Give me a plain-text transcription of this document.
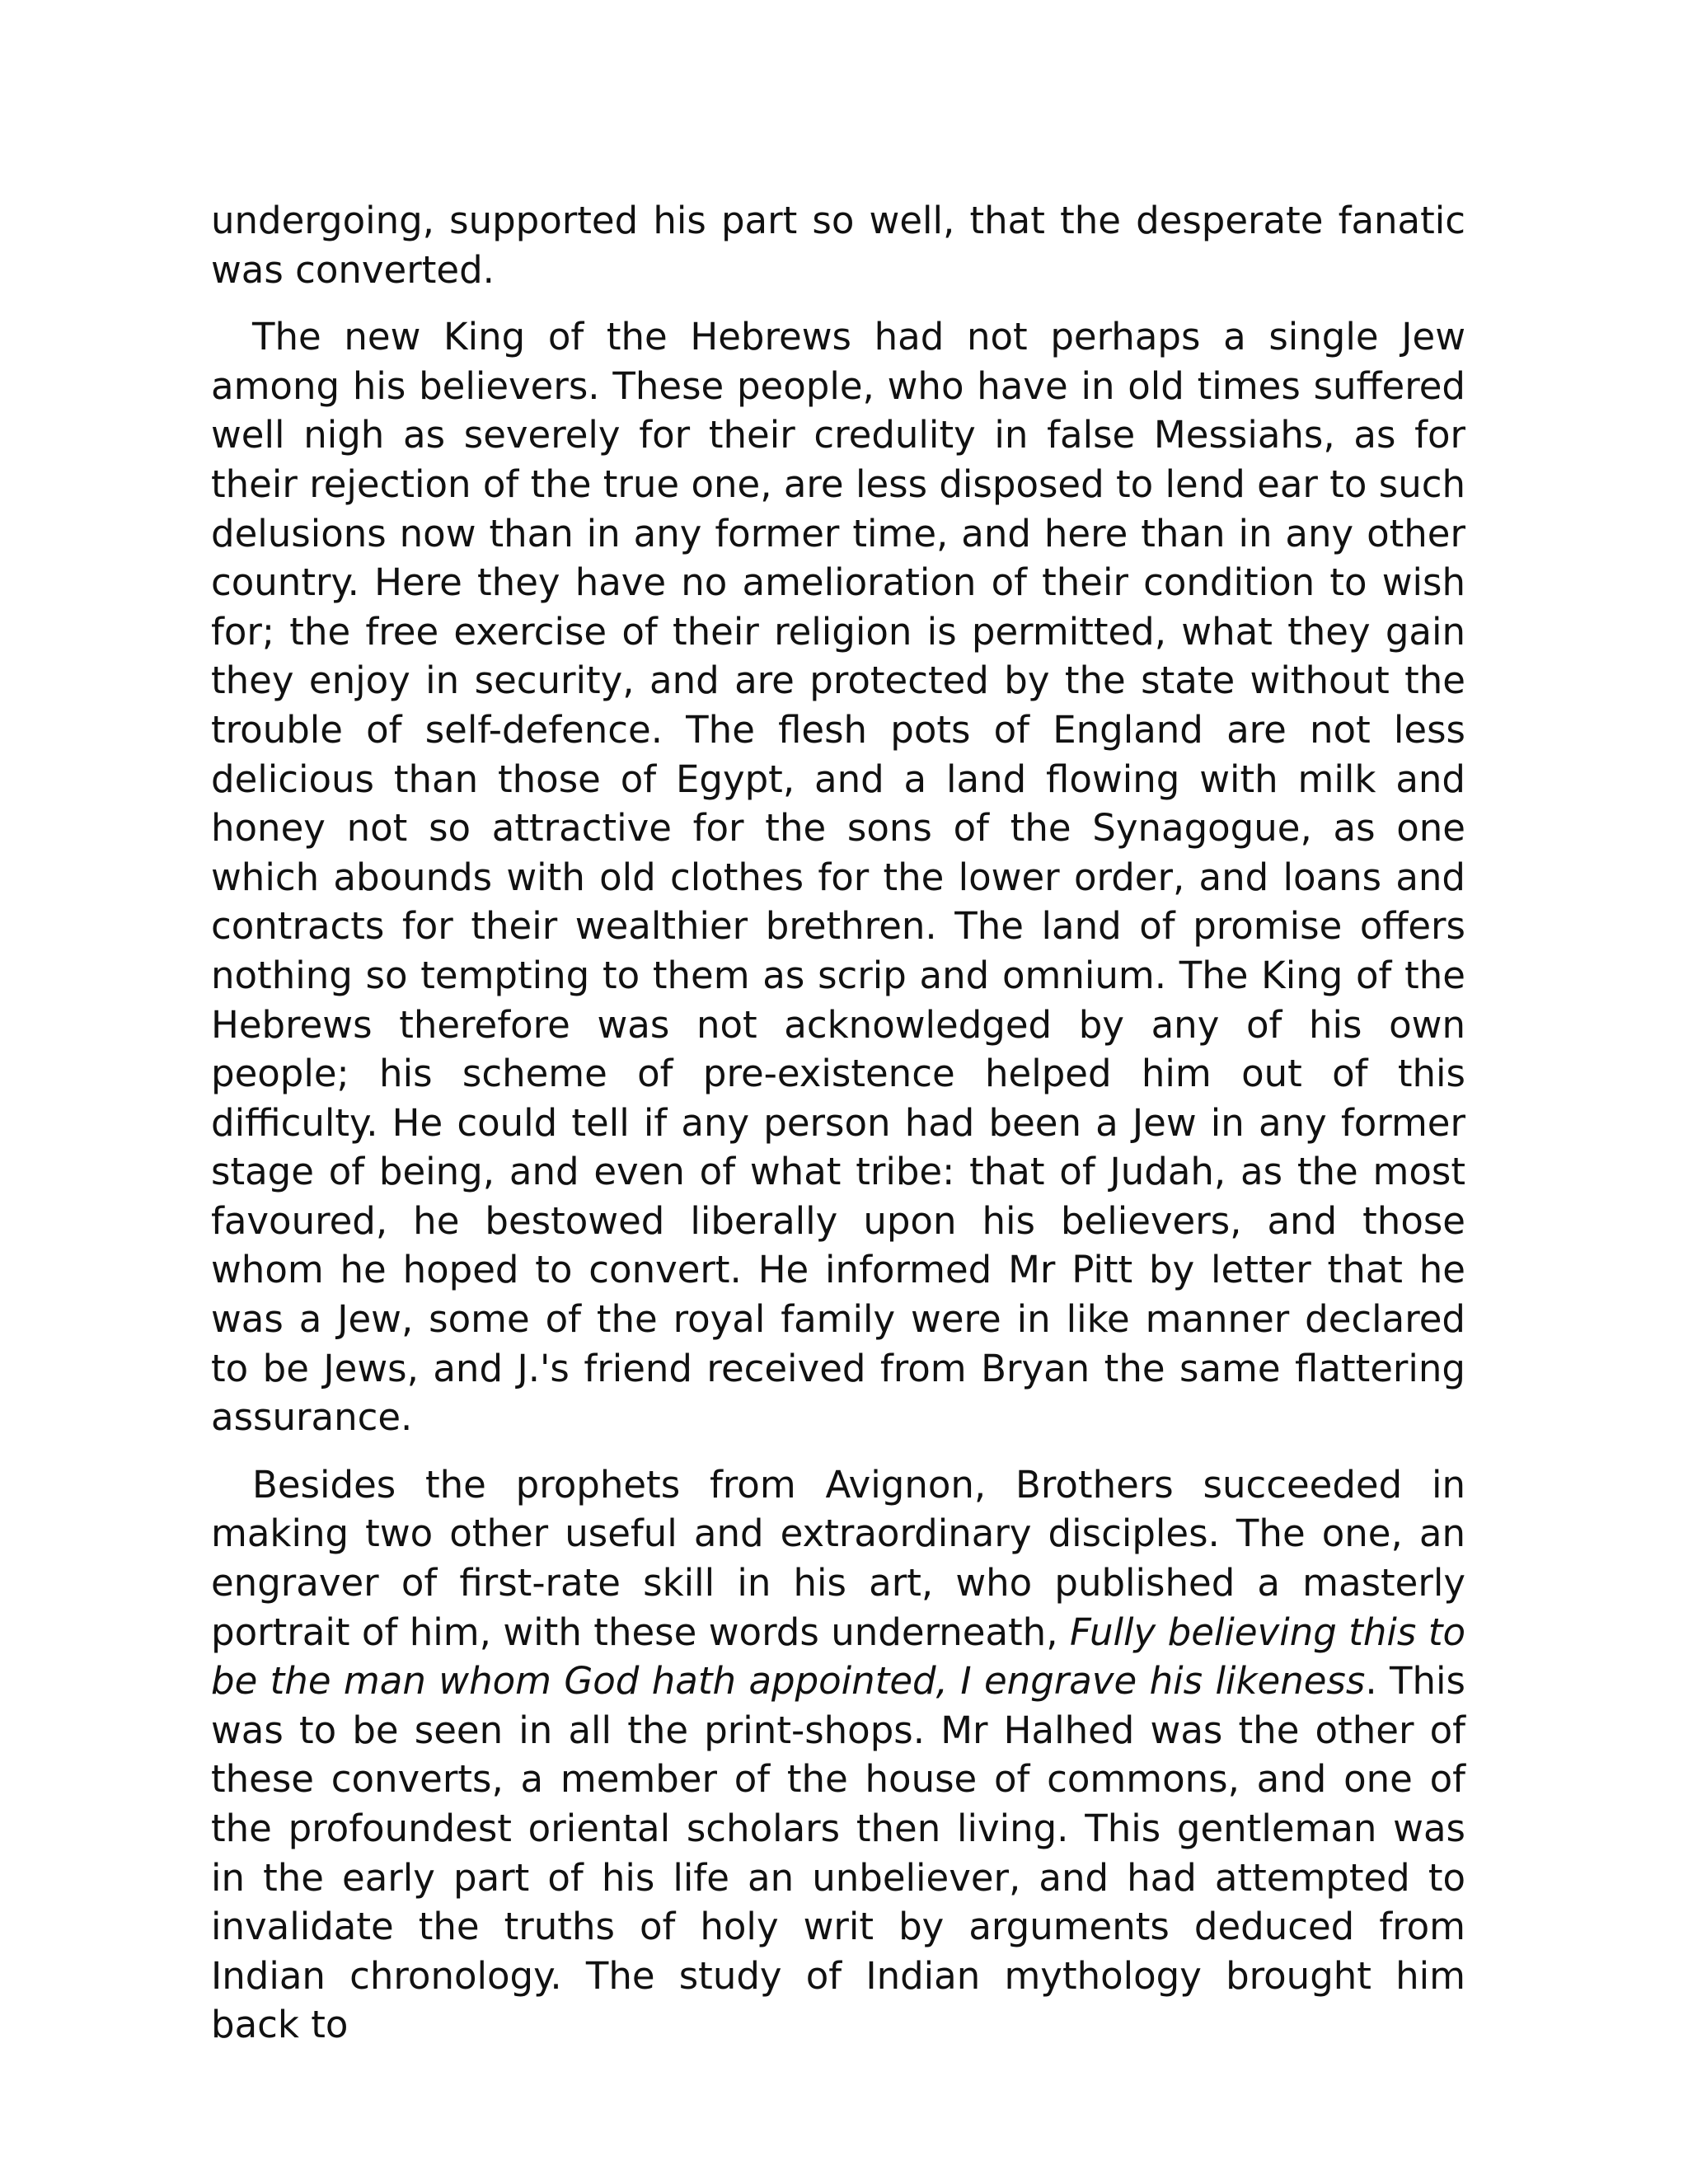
undergoing, supported his part so well, that the desperate fanatic was converted.

The new King of the Hebrews had not perhaps a single Jew among his believers. These people, who have in old times suffered well nigh as severely for their credulity in false Messiahs, as for their rejection of the true one, are less disposed to lend ear to such delusions now than in any former time, and here than in any other country. Here they have no amelioration of their condition to wish for; the free exercise of their religion is permitted, what they gain they enjoy in security, and are protected by the state without the trouble of self-defence. The flesh pots of England are not less delicious than those of Egypt, and a land flowing with milk and honey not so attractive for the sons of the Synagogue, as one which abounds with old clothes for the lower order, and loans and contracts for their wealthier brethren. The land of promise offers nothing so tempting to them as scrip and omnium. The King of the Hebrews therefore was not acknowledged by any of his own people; his scheme of pre-existence helped him out of this difficulty. He could tell if any person had been a Jew in any former stage of being, and even of what tribe: that of Judah, as the most favoured, he bestowed liberally upon his believers, and those whom he hoped to convert. He informed Mr Pitt by letter that he was a Jew, some of the royal family were in like manner declared to be Jews, and J.'s friend received from Bryan the same flattering assurance.

Besides the prophets from Avignon, Brothers succeeded in making two other useful and extraordinary disciples. The one, an engraver of first-rate skill in his art, who published a masterly portrait of him, with these words underneath, Fully believing this to be the man whom God hath appointed, I engrave his likeness. This was to be seen in all the print-shops. Mr Halhed was the other of these converts, a member of the house of commons, and one of the profoundest oriental scholars then living. This gentleman was in the early part of his life an unbeliever, and had attempted to invalidate the truths of holy writ by arguments deduced from Indian chronology. The study of Indian mythology brought him back to
